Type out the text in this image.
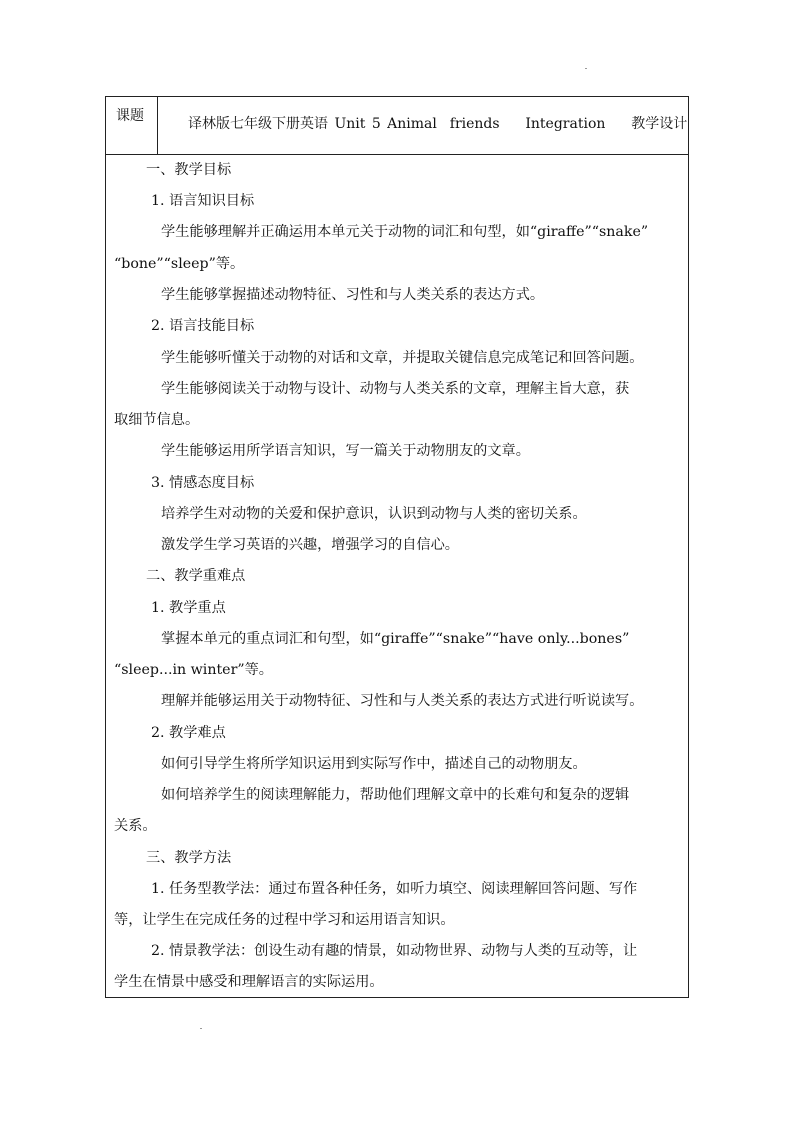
课题	译林版七年级下册英语 Unit 5 Animal  friends    Integration    教学设计
一、教学目标
1. 语言知识目标
学生能够理解并正确运用本单元关于动物的词汇和句型，如“giraffe”“snake”
“bone”“sleep”等。
学生能够掌握描述动物特征、习性和与人类关系的表达方式。
2. 语言技能目标
学生能够听懂关于动物的对话和文章，并提取关键信息完成笔记和回答问题。
学生能够阅读关于动物与设计、动物与人类关系的文章，理解主旨大意，获
取细节信息。
学生能够运用所学语言知识，写一篇关于动物朋友的文章。
3. 情感态度目标
培养学生对动物的关爱和保护意识，认识到动物与人类的密切关系。
激发学生学习英语的兴趣，增强学习的自信心。
二、教学重难点
1. 教学重点
掌握本单元的重点词汇和句型，如“giraffe”“snake”“have only...bones”
“sleep...in winter”等。
理解并能够运用关于动物特征、习性和与人类关系的表达方式进行听说读写。
2. 教学难点
如何引导学生将所学知识运用到实际写作中，描述自己的动物朋友。
如何培养学生的阅读理解能力，帮助他们理解文章中的长难句和复杂的逻辑
关系。
三、教学方法
1. 任务型教学法：通过布置各种任务，如听力填空、阅读理解回答问题、写作
等，让学生在完成任务的过程中学习和运用语言知识。
2. 情景教学法：创设生动有趣的情景，如动物世界、动物与人类的互动等，让
学生在情景中感受和理解语言的实际运用。
